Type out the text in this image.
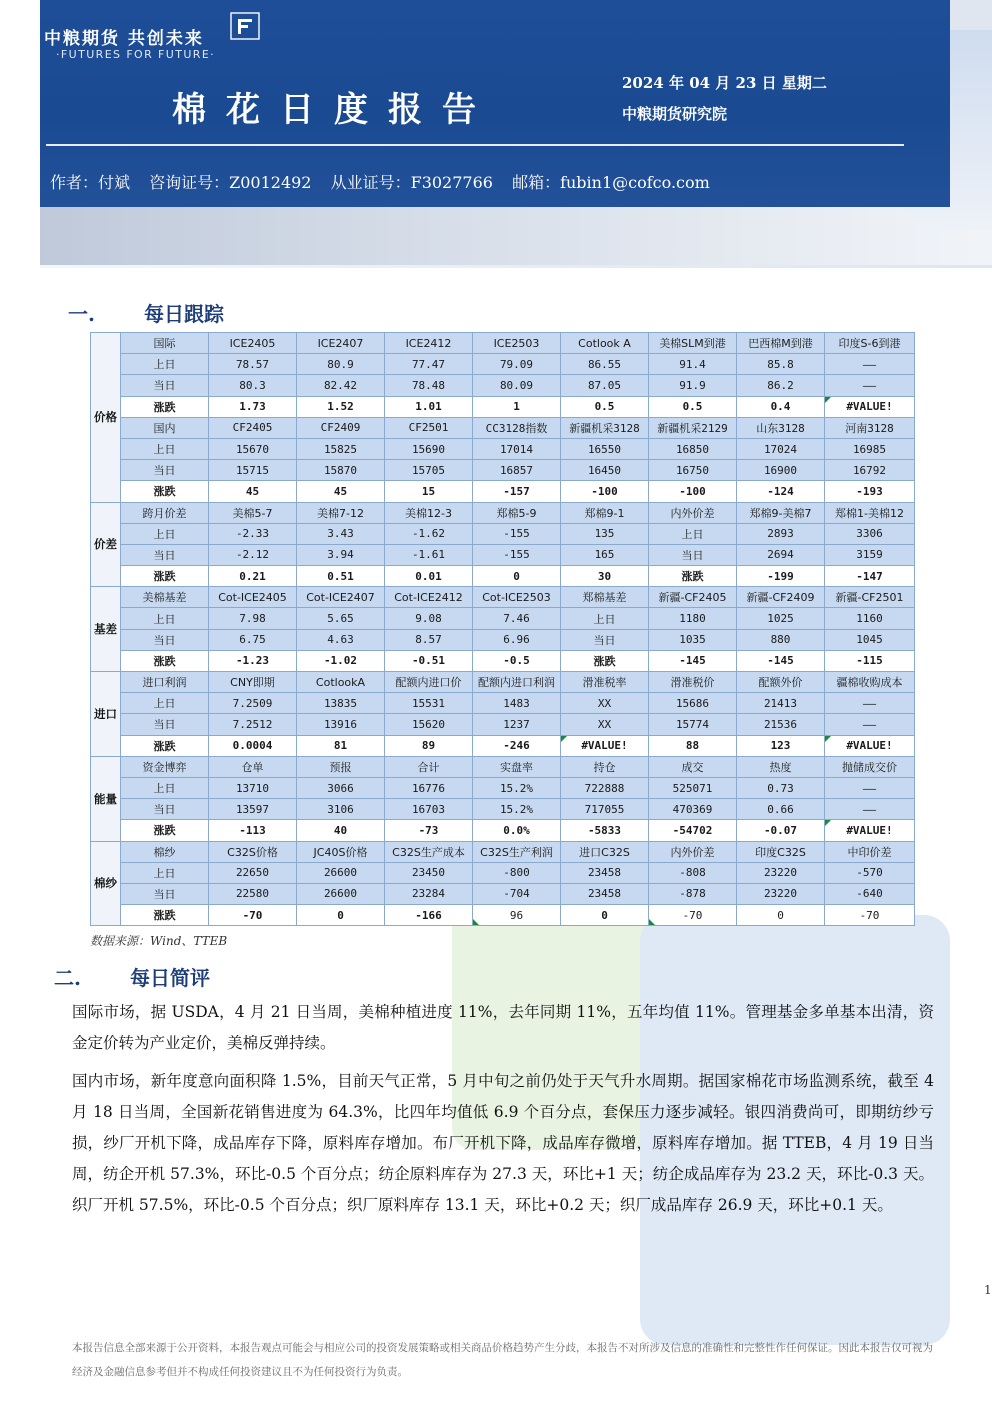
中粮期货 共创未来
·FUTURES FOR FUTURE·
棉花日度报告
2024 年 04 月 23 日 星期二
中粮期货研究院
作者：付斌 咨询证号：Z0012492 从业证号：F3027766 邮箱：fubin1@cofco.com
一. 每日跟踪
价格	国际	ICE2405	ICE2407	ICE2412	ICE2503	Cotlook A	美棉SLM到港	巴西棉M到港	印度S-6到港
	上日	78.57	80.9	77.47	79.09	86.55	91.4	85.8	——
	当日	80.3	82.42	78.48	80.09	87.05	91.9	86.2	——
	涨跌	1.73	1.52	1.01	1	0.5	0.5	0.4	#VALUE!
	国内	CF2405	CF2409	CF2501	CC3128指数	新疆机采3128	新疆机采2129	山东3128	河南3128
	上日	15670	15825	15690	17014	16550	16850	17024	16985
	当日	15715	15870	15705	16857	16450	16750	16900	16792
	涨跌	45	45	15	-157	-100	-100	-124	-193
价差	跨月价差	美棉5-7	美棉7-12	美棉12-3	郑棉5-9	郑棉9-1	内外价差	郑棉9-美棉7	郑棉1-美棉12
	上日	-2.33	3.43	-1.62	-155	135	上日	2893	3306
	当日	-2.12	3.94	-1.61	-155	165	当日	2694	3159
	涨跌	0.21	0.51	0.01	0	30	涨跌	-199	-147
基差	美棉基差	Cot-ICE2405	Cot-ICE2407	Cot-ICE2412	Cot-ICE2503	郑棉基差	新疆-CF2405	新疆-CF2409	新疆-CF2501
	上日	7.98	5.65	9.08	7.46	上日	1180	1025	1160
	当日	6.75	4.63	8.57	6.96	当日	1035	880	1045
	涨跌	-1.23	-1.02	-0.51	-0.5	涨跌	-145	-145	-115
进口	进口利润	CNY即期	CotlookA	配额内进口价	配额内进口利润	滑准税率	滑准税价	配额外价	疆棉收购成本
	上日	7.2509	13835	15531	1483	XX	15686	21413	——
	当日	7.2512	13916	15620	1237	XX	15774	21536	——
	涨跌	0.0004	81	89	-246	#VALUE!	88	123	#VALUE!
能量	资金博弈	仓单	预报	合计	实盘率	持仓	成交	热度	抛储成交价
	上日	13710	3066	16776	15.2%	722888	525071	0.73	——
	当日	13597	3106	16703	15.2%	717055	470369	0.66	——
	涨跌	-113	40	-73	0.0%	-5833	-54702	-0.07	#VALUE!
棉纱	棉纱	C32S价格	JC40S价格	C32S生产成本	C32S生产利润	进口C32S	内外价差	印度C32S	中印价差
	上日	22650	26600	23450	-800	23458	-808	23220	-570
	当日	22580	26600	23284	-704	23458	-878	23220	-640
	涨跌	-70	0	-166	96	0	-70	0	-70
数据来源：Wind、TTEB
二. 每日简评
国际市场，据 USDA，4 月 21 日当周，美棉种植进度 11%，去年同期 11%，五年均值 11%。管理基金多单基本出清，资金定价转为产业定价，美棉反弹持续。
国内市场，新年度意向面积降 1.5%，目前天气正常，5 月中旬之前仍处于天气升水周期。据国家棉花市场监测系统，截至 4 月 18 日当周，全国新花销售进度为 64.3%，比四年均值低 6.9 个百分点，套保压力逐步减轻。银四消费尚可，即期纺纱亏损，纱厂开机下降，成品库存下降，原料库存增加。布厂开机下降，成品库存微增，原料库存增加。据 TTEB，4 月 19 日当周，纺企开机 57.3%，环比-0.5 个百分点；纺企原料库存为 27.3 天，环比+1 天；纺企成品库存为 23.2 天，环比-0.3 天。织厂开机 57.5%，环比-0.5 个百分点；织厂原料库存 13.1 天，环比+0.2 天；织厂成品库存 26.9 天，环比+0.1 天。
1
本报告信息全部来源于公开资料，本报告观点可能会与相应公司的投资发展策略或相关商品价格趋势产生分歧，本报告不对所涉及信息的准确性和完整性作任何保证。因此本报告仅可视为经济及金融信息参考但并不构成任何投资建议且不为任何投资行为负责。
